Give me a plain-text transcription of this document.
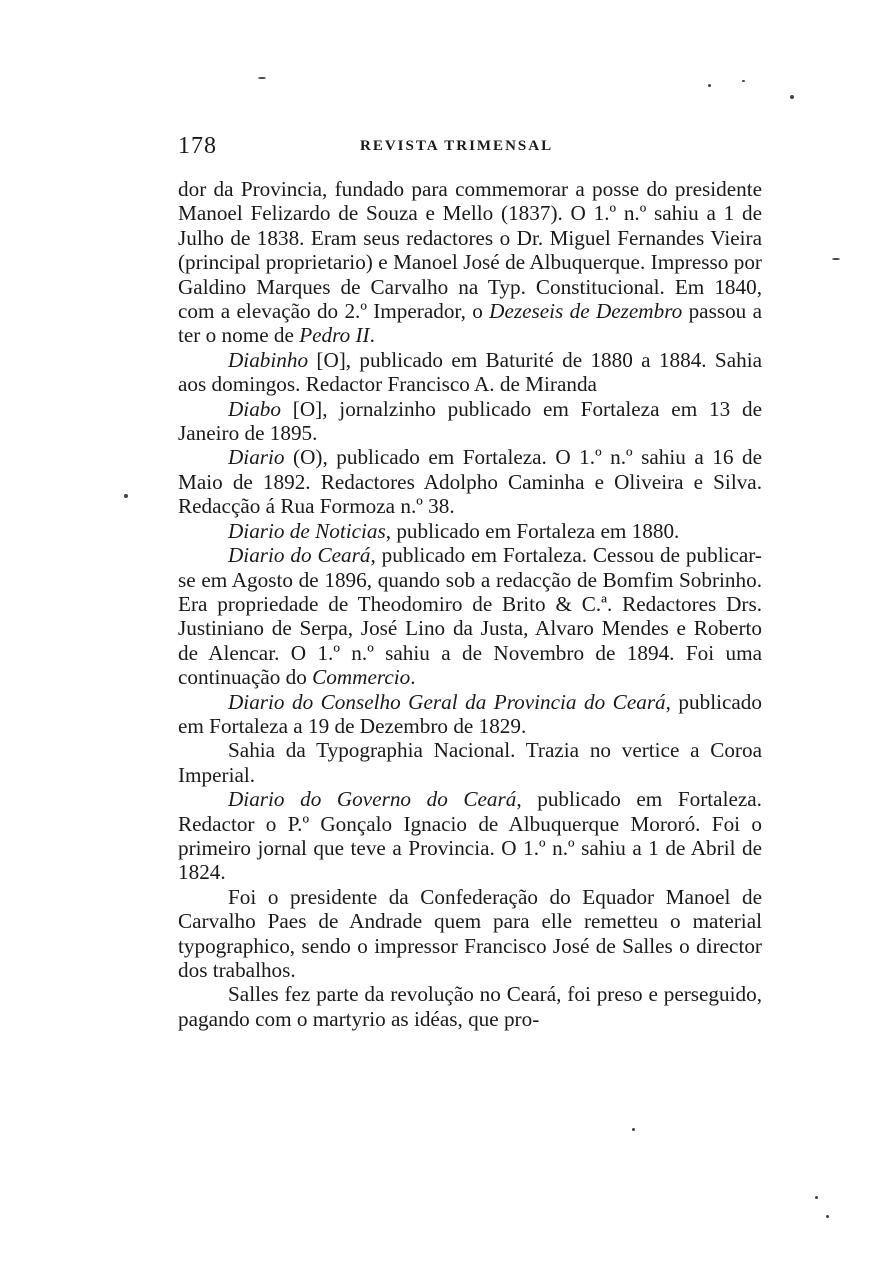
178	REVISTA TRIMENSAL

dor da Provincia, fundado para commemorar a posse do presidente Manoel Felizardo de Souza e Mello (1837). O 1.º n.º sahiu a 1 de Julho de 1838. Eram seus redactores o Dr. Miguel Fernandes Vieira (principal proprietario) e Manoel José de Albuquerque. Impresso por Galdino Marques de Carvalho na Typ. Constitucional. Em 1840, com a elevação do 2.º Imperador, o Dezeseis de Dezembro passou a ter o nome de Pedro II.

Diabinho [O], publicado em Baturité de 1880 a 1884. Sahia aos domingos. Redactor Francisco A. de Miranda

Diabo [O], jornalzinho publicado em Fortaleza em 13 de Janeiro de 1895.

Diario (O), publicado em Fortaleza. O 1.º n.º sahiu a 16 de Maio de 1892. Redactores Adolpho Caminha e Oliveira e Silva. Redacção á Rua Formoza n.º 38.

Diario de Noticias, publicado em Fortaleza em 1880.

Diario do Ceará, publicado em Fortaleza. Cessou de publicar-se em Agosto de 1896, quando sob a redacção de Bomfim Sobrinho. Era propriedade de Theodomiro de Brito & C.ª. Redactores Drs. Justiniano de Serpa, José Lino da Justa, Alvaro Mendes e Roberto de Alencar. O 1.º n.º sahiu a de Novembro de 1894. Foi uma continuação do Commercio.

Diario do Conselho Geral da Provincia do Ceará, publicado em Fortaleza a 19 de Dezembro de 1829.

Sahia da Typographia Nacional. Trazia no vertice a Coroa Imperial.

Diario do Governo do Ceará, publicado em Fortaleza. Redactor o P.º Gonçalo Ignacio de Albuquerque Mororó. Foi o primeiro jornal que teve a Provincia. O 1.º n.º sahiu a 1 de Abril de 1824.

Foi o presidente da Confederação do Equador Manoel de Carvalho Paes de Andrade quem para elle remetteu o material typographico, sendo o impressor Francisco José de Salles o director dos trabalhos.

Salles fez parte da revolução no Ceará, foi preso e perseguido, pagando com o martyrio as idéas, que pro-
